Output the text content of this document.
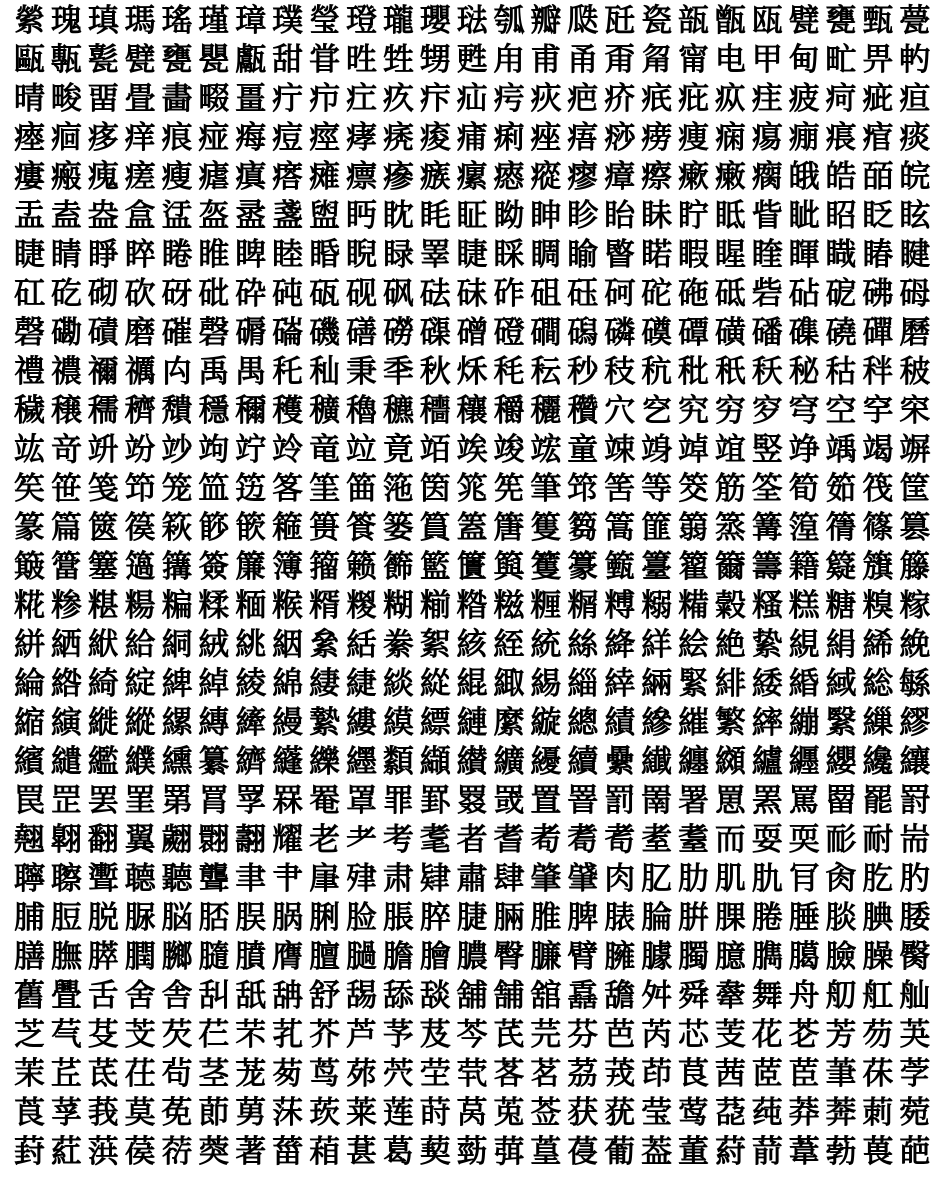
縈 瑰 瑱 瑪 瑤 瑾 璋 璞 瑩 璒 瓏 瓔 琺 瓠 瓣 瓞 瓩 瓷 瓿 甑 瓯 甓 甕 甄 甍
甌 甎 甏 甓 甕 甖 甗 甜 甞 甠 甡 甥 甦 甪 甫 甬 甭 甮 甯 电 甲 甸 甿 畀 畃
晴 畯 畱 畳 畵 畷 畺 疔 疖 疘 疚 疜 疝 疞 疢 疤 疥 疧 疪 疭 疰 疲 疴 疵 疸
瘞 痐 痑 痒 痕 痖 痗 痘 痙 痚 痜 痠 痡 痢 痤 痦 痧 痨 痩 痫 痬 痭 痮 痯 痰
瘻 瘢 瘣 瘥 瘦 瘧 瘨 瘩 瘫 瘭 瘮 瘯 瘰 瘱 瘲 瘳 瘴 瘵 瘶 瘷 瘸 皒 皓 皕 皖
盂 盍 盎 盒 盓 盔 盝 盞 盥 眄 眈 眊 眐 眑 眒 眕 眙 眛 眝 眡 眥 眦 眧 眨 眩
睫 睛 睜 睟 睠 睢 睥 睦 睧 睨 睩 睪 睫 睬 睭 睮 睯 睰 睱 睲 睳 睴 睵 睶 睷
矼 矻 砌 砍 砑 砒 砕 砘 砙 砚 砜 砝 砞 砟 砠 砡 砢 砣 砤 砥 砦 砧 砨 砩 砪
磬 磡 磧 磨 磪 磬 磭 磮 磯 磰 磱 磲 磳 磴 磵 磶 磷 磸 磹 磺 磻 磼 磽 磾 磿
禮 禯 禰 禲 禸 禹 禺 秅 秈 秉 秊 秋 秌 秏 秐 秒 秓 秔 秕 秖 秗 秘 秙 秚 秛
穢 穣 穤 穧 穨 穩 穪 穫 穬 穭 穮 穯 穰 穱 穲 穳 穴 穵 究 穷 穸 穹 空 穻 穼
竑 竒 竔 竕 竗 竘 竚 竛 竜 竝 竟 竡 竢 竣 竤 童 竦 竧 竨 竩 竪 竫 竬 竭 竮
笶 笹 笺 笻 笼 笽 笾 笿 筀 筁 筂 筃 筄 筅 筆 筇 筈 等 筊 筋 筌 筍 筎 筏 筐
篆 篇 篋 篌 篍 篎 篏 篐 篑 篒 篓 篔 篕 篖 篗 篘 篙 篚 篛 篜 篝 篞 篟 篠 篡
簸 簹 簺 簻 簼 簽 簾 簿 籀 籁 籂 籃 籄 籅 籆 籇 籈 籉 籊 籋 籌 籍 籎 籏 籐
糀 糁 糂 糃 糄 糅 糆 糇 糈 糉 糊 糋 糌 糍 糎 糏 糐 糑 糒 糓 糔 糕 糖 糗 糘
絣 絤 絥 給 絧 絨 絩 絪 絫 絬 絭 絮 絯 絰 統 絲 絳 絴 絵 絶 絷 絸 絹 絺 絻
綸 綹 綺 綻 綼 綽 綾 綿 緀 緁 緂 緃 緄 緅 緆 緇 緈 緉 緊 緋 緌 緍 緎 総 緐
縮 縯 縰 縱 縲 縳 縴 縵 縶 縷 縸 縹 縺 縻 縼 總 績 縿 繀 繁 繂 繃 繄 繅 繆
繽 繾 繿 纀 纁 纂 纃 纄 纅 纆 纇 纈 纉 纊 纋 續 纍 纎 纏 纐 纑 纒 纓 纔 纕
罠 罡 罢 罣 罤 罥 罦 罧 罨 罩 罪 罫 罬 罭 置 罯 罰 罱 署 罳 罴 罵 罶 罷 罸
翹 翺 翻 翼 翽 翾 翿 耀 老 耂 考 耄 者 耆 耇 耈 耉 耊 耋 而 耍 耎 耏 耐 耑
聹 聺 聻 聼 聽 聾 聿 肀 肁 肂 肃 肄 肅 肆 肇 肈 肉 肊 肋 肌 肍 肎 肏 肐 肑
脯 脰 脱 脲 脳 脴 脵 脶 脷 脸 脹 脺 脻 脼 脽 脾 脿 腀 腁 腂 腃 腄 腅 腆 腇
膳 膴 膵 膶 膷 膸 膹 膺 膻 膼 膽 膾 膿 臀 臁 臂 臃 臄 臅 臆 臇 臈 臉 臊 臋
舊 舋 舌 舍 舎 舏 舐 舑 舒 舓 舔 舕 舖 舗 舘 舙 舚 舛 舜 舝 舞 舟 舠 舡 舢
芝 芞 芟 芠 芡 芢 芣 芤 芥 芦 芧 芨 芩 芪 芫 芬 芭 芮 芯 芰 花 芲 芳 芴 芵
茉 茊 茋 茌 茍 茎 茏 茐 茑 茒 茓 茔 茕 茖 茗 茘 茙 茚 茛 茜 茝 茞 茟 茠 茡
莨 莩 莪 莫 莬 莭 莮 莯 莰 莱 莲 莳 莴 莵 莶 获 莸 莹 莺 莻 莼 莽 莾 莿 菀
葑 葒 葓 葔 葕 葖 著 葘 葙 葚 葛 葜 葝 葞 葟 葠 葡 葢 董 葤 葥 葦 葧 葨 葩
